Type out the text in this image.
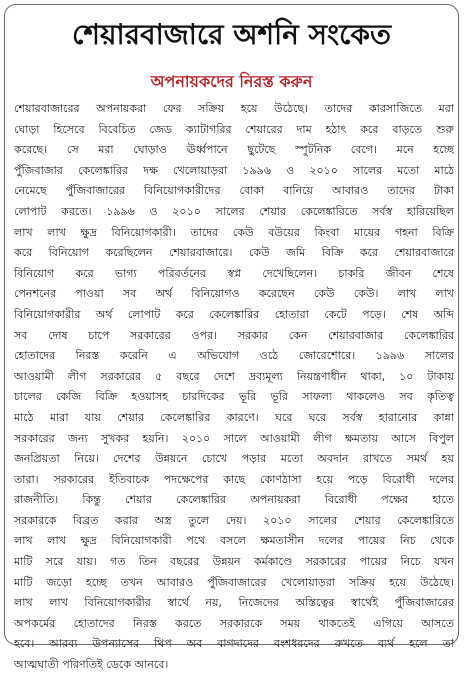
শেয়ারবাজারে অশনি সংকেত
অপনায়কদের নিরস্ত করুন
শেয়ারবাজারের অপনায়করা ফের সক্রিয় হয়ে উঠেছে। তাদের কারসাজিতে মরা
ঘোড়া হিসেবে বিবেচিত জেড ক্যাটাগরির শেয়ারের দাম হঠাৎ করে বাড়তে শুরু
করেছে। সে মরা ঘোড়াও ঊর্ধ্বপানে ছুটেছে স্পুটনিক বেগে। মনে হচ্ছে
পুঁজিবাজার কেলেঙ্কারির দক্ষ খেলোয়াড়রা ১৯৯৬ ও ২০১০ সালের মতো মাঠে
নেমেছে পুঁজিবাজারের বিনিয়োগকারীদের বোকা বানিয়ে আবারও তাদের টাকা
লোপাট করতে। ১৯৯৬ ও ২০১০ সালের শেয়ার কেলেঙ্কারিতে সর্বস্ব হারিয়েছিল
লাখ লাখ ক্ষুদ্র বিনিয়োগকারী। তাদের কেউ বউয়ের কিংবা মায়ের গহনা বিক্রি
করে বিনিয়োগ করেছিলেন শেয়ারবাজারে। কেউ জমি বিক্রি করে শেয়ারবাজারে
বিনিয়োগ করে ভাগ্য পরিবর্তনের স্বপ্ন দেখেছিলেন। চাকরি জীবন শেষে
পেনশনের পাওয়া সব অর্থ বিনিয়োগও করেছেন কেউ কেউ। লাখ লাখ
বিনিয়োগকারীর অর্থ লোপাট করে কেলেঙ্কারির হোতারা কেটে পড়ে। শেষ অব্দি
সব দোষ চাপে সরকারের ওপর। সরকার কেন শেয়ারবাজার কেলেঙ্কারির
হোতাদের নিরস্ত করেনি এ অভিযোগ ওঠে জোরেশোরে। ১৯৯৬ সালের
আওয়ামী লীগ সরকারের ৫ বছরে দেশে দ্রব্যমূল্য নিয়ন্ত্রণাধীন থাকা, ১০ টাকায়
চালের কেজি বিক্রি হওয়াসহ চারদিকের ভূরি ভূরি সাফল্য থাকলেও সব কৃতিত্ব
মাঠে মারা যায় শেয়ার কেলেঙ্কারির কারণে। ঘরে ঘরে সর্বস্ব হারানোর কান্না
সরকারের জন্য সুখকর হয়নি। ২০১০ সালে আওয়ামী লীগ ক্ষমতায় আসে বিপুল
জনপ্রিয়তা নিয়ে। দেশের উন্নয়নে চোখে পড়ার মতো অবদান রাখতে সমর্থ হয়
তারা। সরকারের ইতিবাচক পদক্ষেপের কাছে কোণঠাসা হয়ে পড়ে বিরোধী দলের
রাজনীতি। কিন্তু শেয়ার কেলেঙ্কারির অপনায়করা বিরোধী পক্ষের হাতে
সরকারকে বিব্রত করার অস্ত্র তুলে দেয়। ২০১০ সালের শেয়ার কেলেঙ্কারিতে
লাখ লাখ ক্ষুদ্র বিনিয়োগকারী পথে বসলে ক্ষমতাসীন দলের পায়ের নিচ থেকে
মাটি সরে যায়। গত তিন বছরের উন্নয়ন কর্মকাণ্ডে সরকারের পায়ের নিচে যখন
মাটি জড়ো হচ্ছে তখন আবারও পুঁজিবাজারের খেলোয়াড়রা সক্রিয় হয়ে উঠেছে।
লাখ লাখ বিনিয়োগকারীর স্বার্থে নয়, নিজেদের অস্তিত্বের স্বার্থেই পুঁজিবাজারের
অপকর্মের হোতাদের নিরস্ত করতে সরকারকে সময় থাকতেই এগিয়ে আসতে
হবে। আরব্য উপন্যাসের থিপ অব বাগদাদের বংশধরদের রুখতে ব্যর্থ হলে তা
আত্মঘাতী পরিণতিই ডেকে আনবে।
